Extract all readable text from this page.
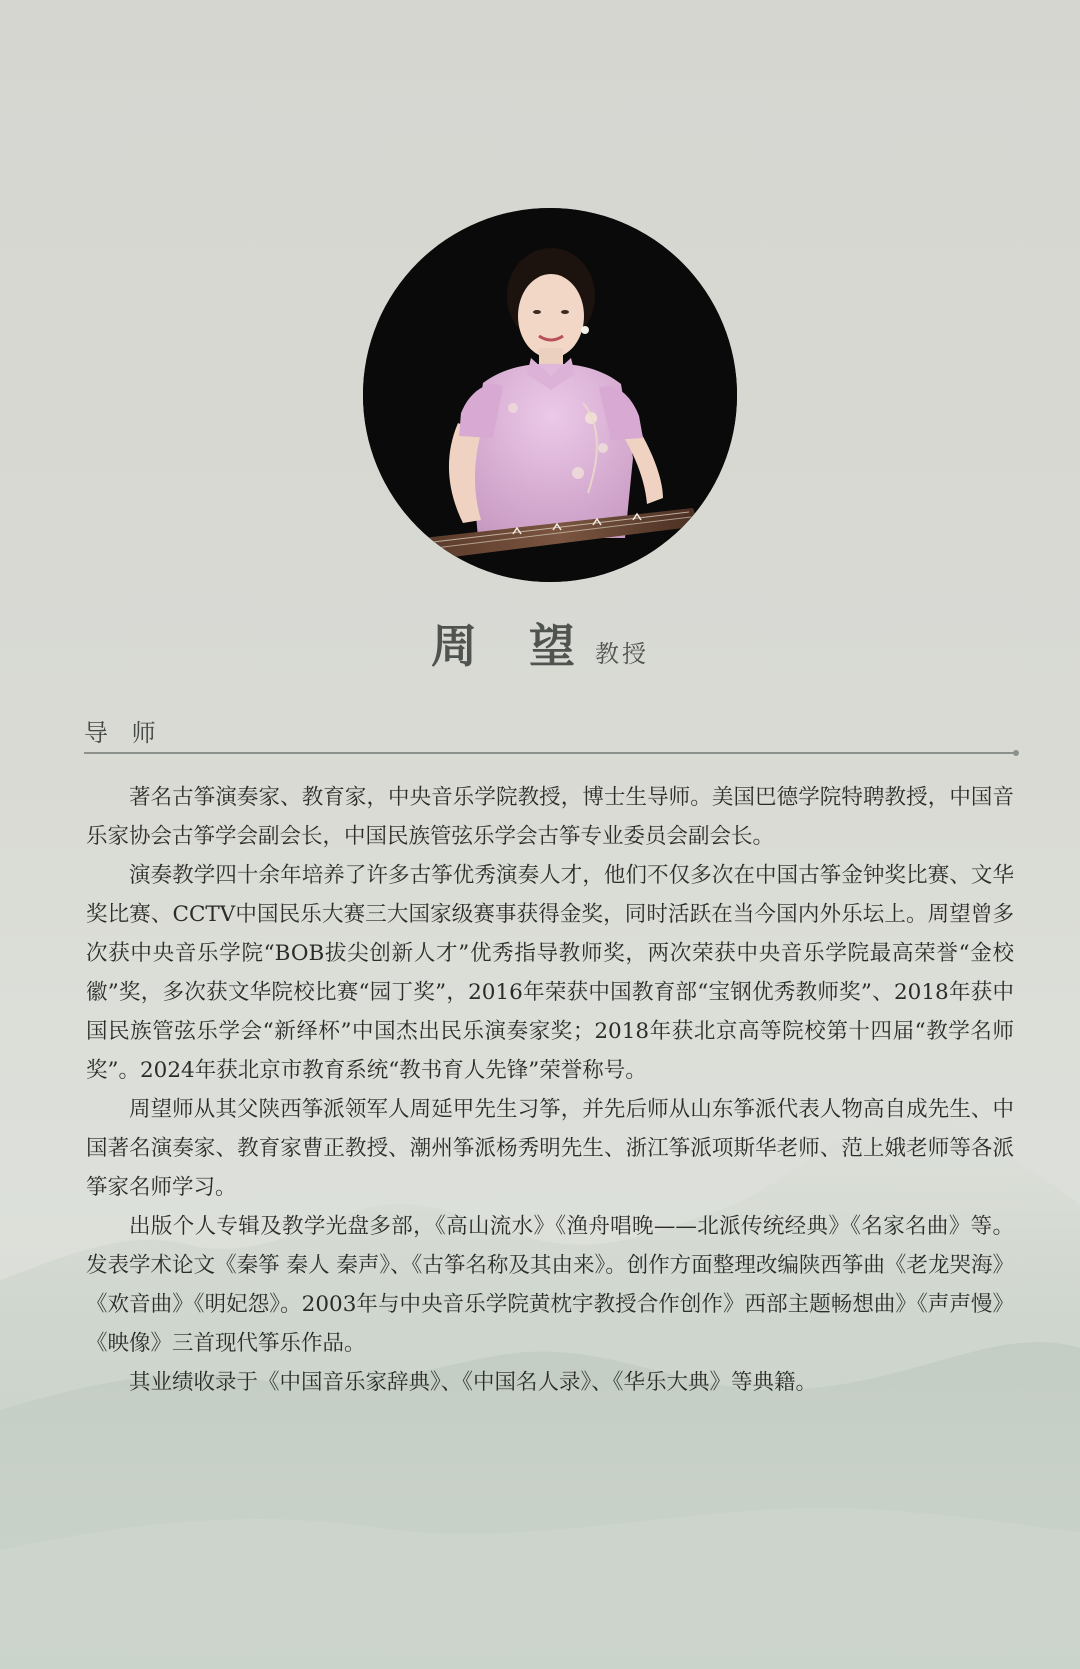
周 望教授
导 师

著名古筝演奏家、教育家，中央音乐学院教授，博士生导师。美国巴德学院特聘教授，中国音乐家协会古筝学会副会长，中国民族管弦乐学会古筝专业委员会副会长。

演奏教学四十余年培养了许多古筝优秀演奏人才，他们不仅多次在中国古筝金钟奖比赛、文华奖比赛、CCTV中国民乐大赛三大国家级赛事获得金奖，同时活跃在当今国内外乐坛上。周望曾多次获中央音乐学院“BOB拔尖创新人才”优秀指导教师奖，两次荣获中央音乐学院最高荣誉“金校徽”奖，多次获文华院校比赛“园丁奖”，2016年荣获中国教育部“宝钢优秀教师奖”、2018年获中国民族管弦乐学会“新绎杯”中国杰出民乐演奏家奖；2018年获北京高等院校第十四届“教学名师奖”。2024年获北京市教育系统“教书育人先锋”荣誉称号。

周望师从其父陕西筝派领军人周延甲先生习筝，并先后师从山东筝派代表人物高自成先生、中国著名演奏家、教育家曹正教授、潮州筝派杨秀明先生、浙江筝派项斯华老师、范上娥老师等各派筝家名师学习。

出版个人专辑及教学光盘多部，《高山流水》《渔舟唱晚——北派传统经典》《名家名曲》等。发表学术论文《秦筝 秦人 秦声》、《古筝名称及其由来》。创作方面整理改编陕西筝曲《老龙哭海》《欢音曲》《明妃怨》。2003年与中央音乐学院黄枕宇教授合作创作》西部主题畅想曲》《声声慢》《映像》三首现代筝乐作品。

其业绩收录于《中国音乐家辞典》、《中国名人录》、《华乐大典》等典籍。
